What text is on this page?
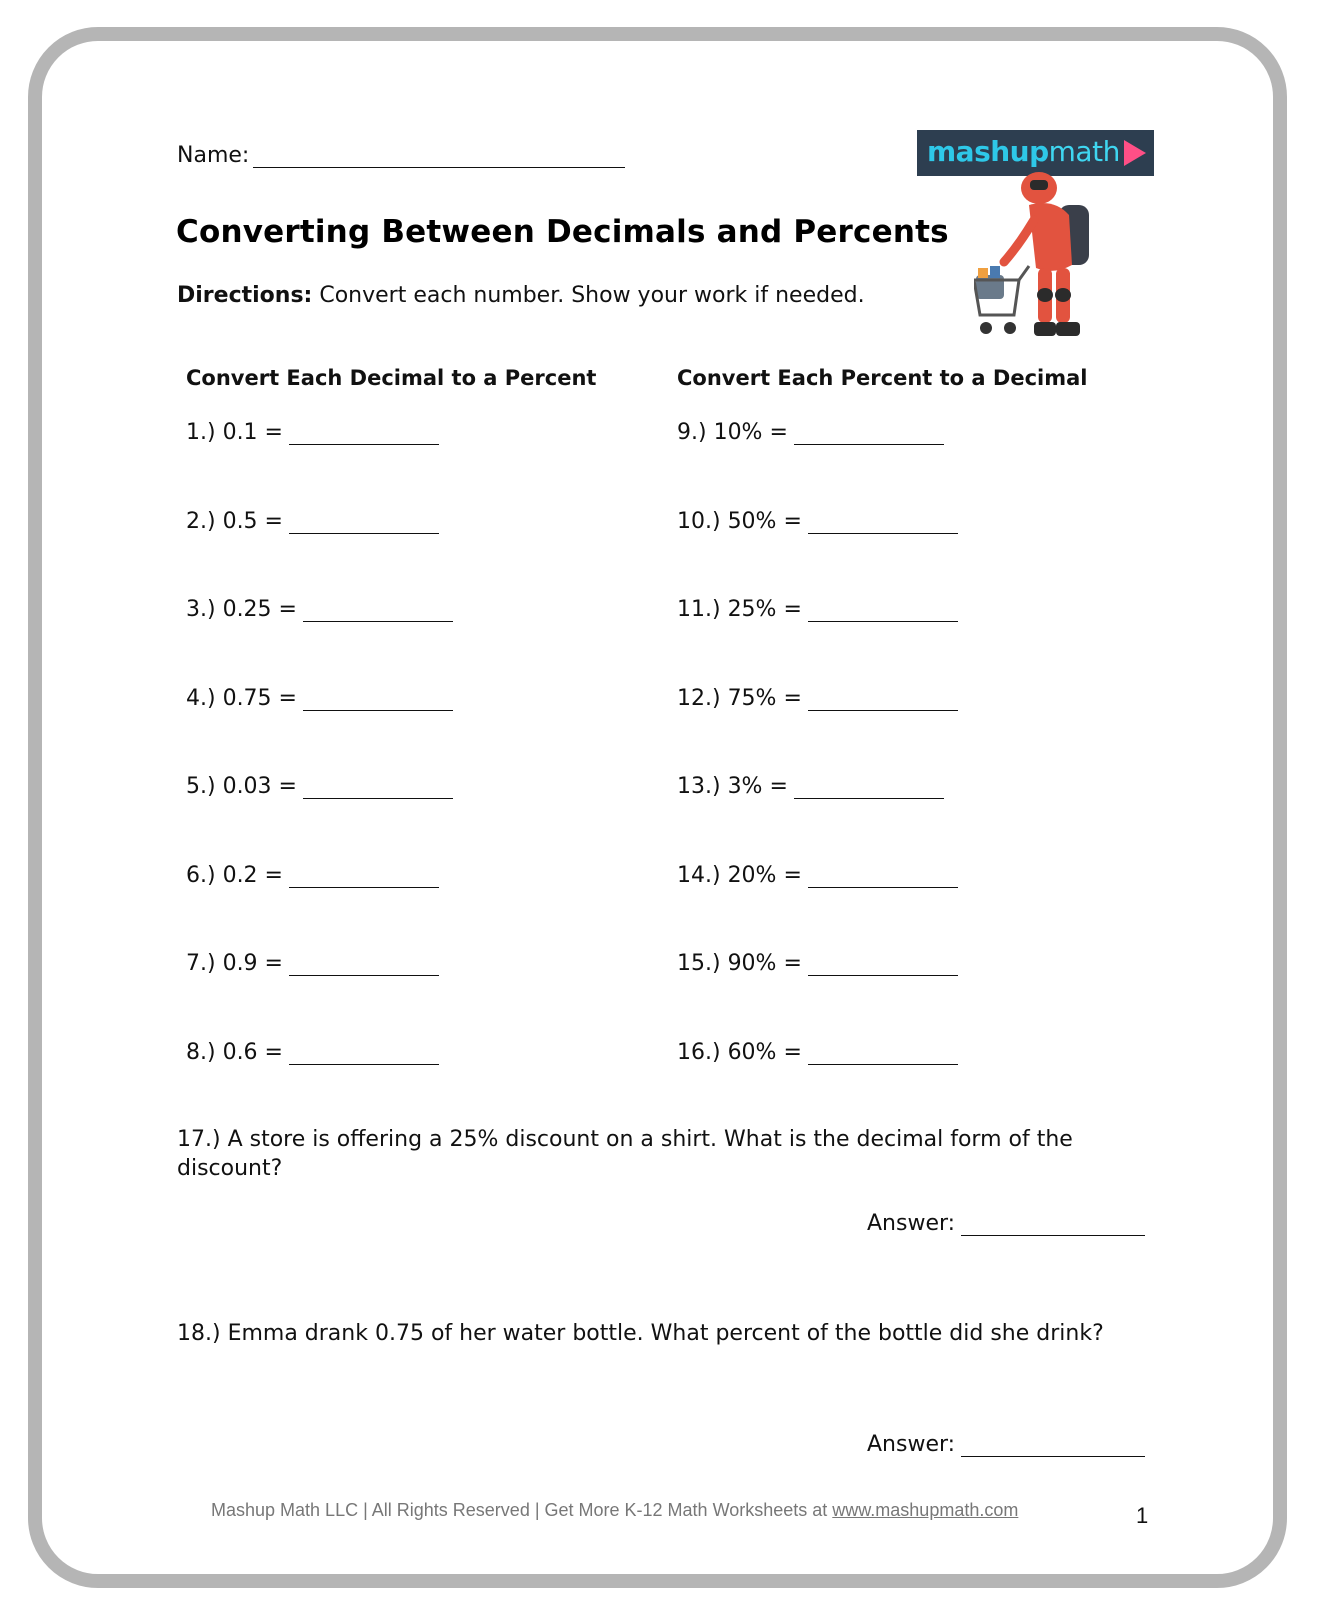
Name:	mashupmath
Converting Between Decimals and Percents
Directions: Convert each number. Show your work if needed.
Convert Each Decimal to a Percent	Convert Each Percent to a Decimal
1.) 0.1 =
2.) 0.5 =
3.) 0.25 =
4.) 0.75 =
5.) 0.03 =
6.) 0.2 =
7.) 0.9 =
8.) 0.6 =
9.) 10% =
10.) 50% =
11.) 25% =
12.) 75% =
13.) 3% =
14.) 20% =
15.) 90% =
16.) 60% =
17.) A store is offering a 25% discount on a shirt. What is the decimal form of the discount?
Answer:
18.) Emma drank 0.75 of her water bottle. What percent of the bottle did she drink?
Answer:
Mashup Math LLC | All Rights Reserved | Get More K-12 Math Worksheets at www.mashupmath.com	1
